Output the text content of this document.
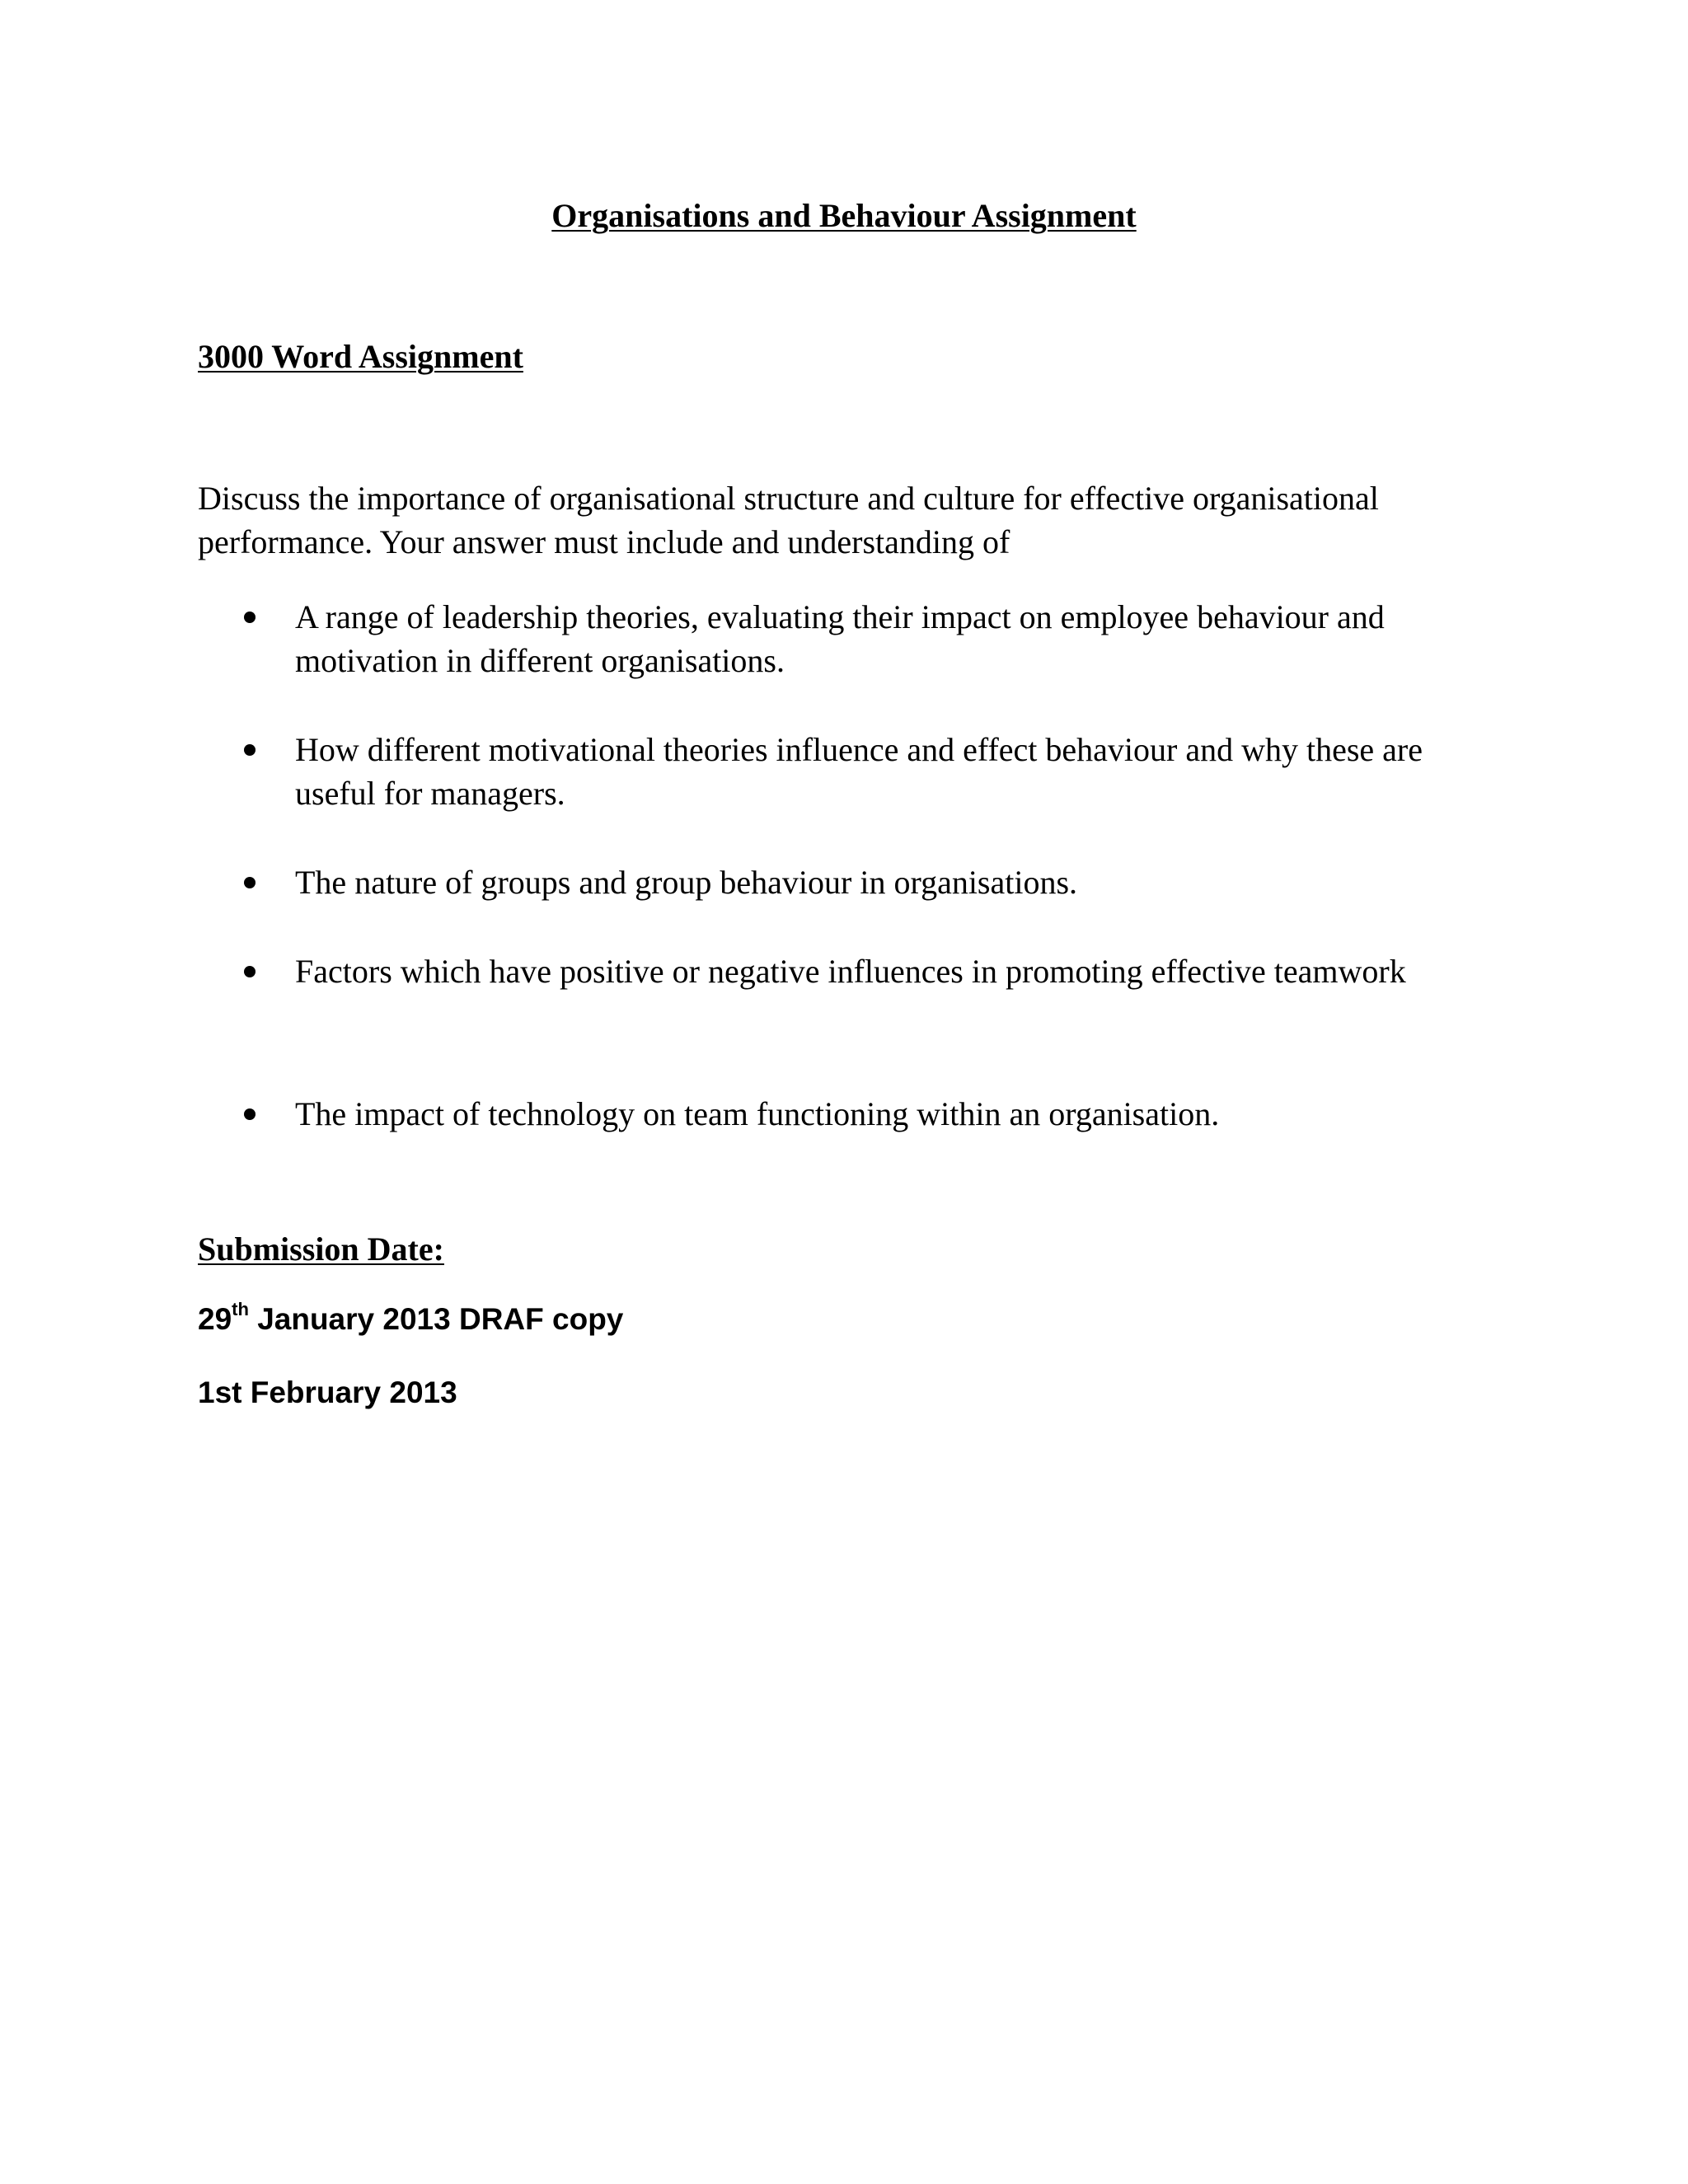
Organisations and Behaviour Assignment
3000 Word Assignment

Discuss the importance of organisational structure and culture for effective organisational

performance. Your answer must include and understanding of

A range of leadership theories, evaluating their impact on employee behaviour and
motivation in different organisations.
How different motivational theories influence and effect behaviour and why these are
useful for managers.
The nature of groups and group behaviour in organisations.
Factors which have positive or negative influences in promoting effective teamwork
The impact of technology on team functioning within an organisation.
Submission Date:
29th January 2013 DRAF copy
1st February 2013
